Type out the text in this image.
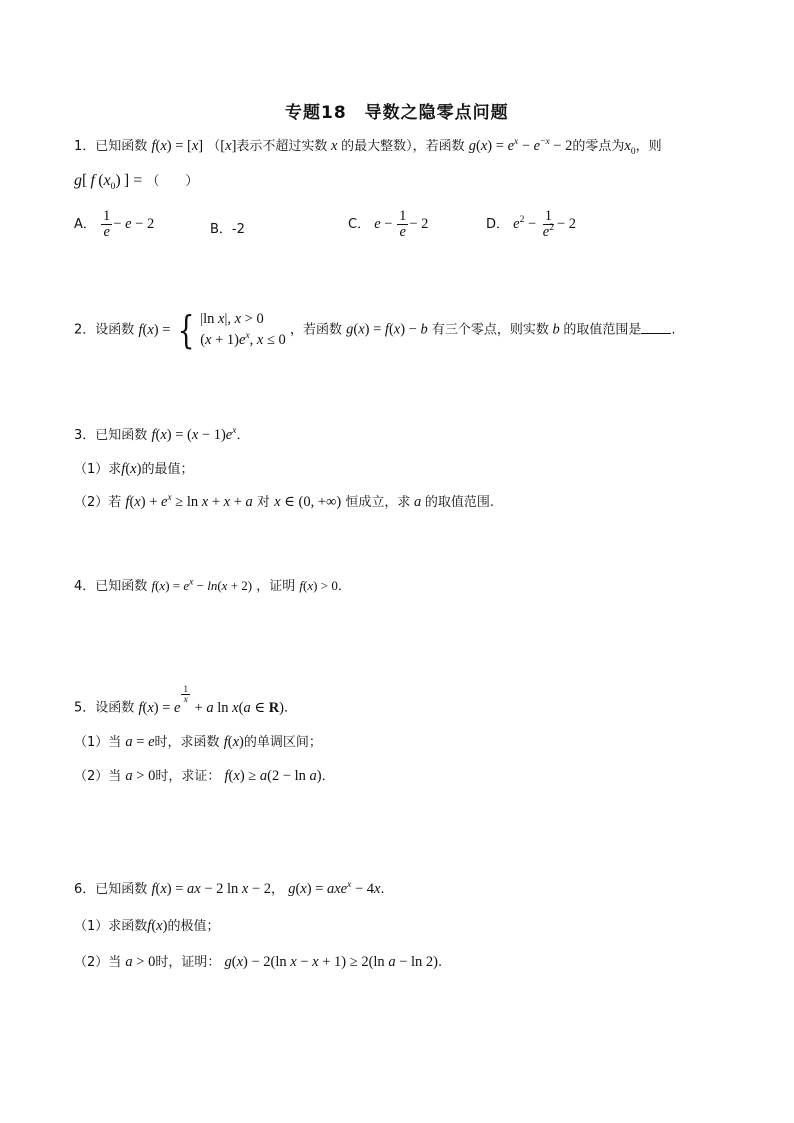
专题18　导数之隐零点问题
1．已知函数 f(x) = [x] （[x]表示不超过实数 x 的最大整数），若函数 $g(x) = e^x - e^{-x} - 2$的零点为$x_0$，则
g[ f $(x_0)$ ] = （　　）
A． $\frac{1}{e} - e - 2$	B．-2	C． $e - \frac{1}{e} - 2$	D． $e^2 - \frac{1}{e^2} - 2$
2．设函数 f ( x ) = { |ln x|, x > 0
$(x + 1)e^x$, x ≤ 0
，若函数 g(x) = f(x) − b 有三个零点，则实数 b 的取值范围是 .
3．已知函数 $f(x) = (x - 1)e^x$．
（1）求f(x)的最值；
（2）若 $f(x) + e^x \ge \ln x + x + a$ 对 x ∈ (0, +∞) 恒成立，求 a 的取值范围.
4．已知函数 $f(x) = e^x - \ln(x + 2)$ ，证明 f(x) > 0．
5．设函数 f(x) = e
$^{\frac{1}{x}}$
+ a ln x(a ∈ R)．
（1）当 a = e时，求函数 f(x)的单调区间；
（2）当 a > 0时，求证： f(x) ≥ a(2 − ln a)．
6．已知函数 f(x) = ax − 2 ln x − 2， g(x) = axe$^x$ − 4x.
（1）求函数f(x)的极值；
（2）当 a > 0时，证明： g(x) − 2(ln x − x + 1) ≥ 2(ln a − ln 2).
